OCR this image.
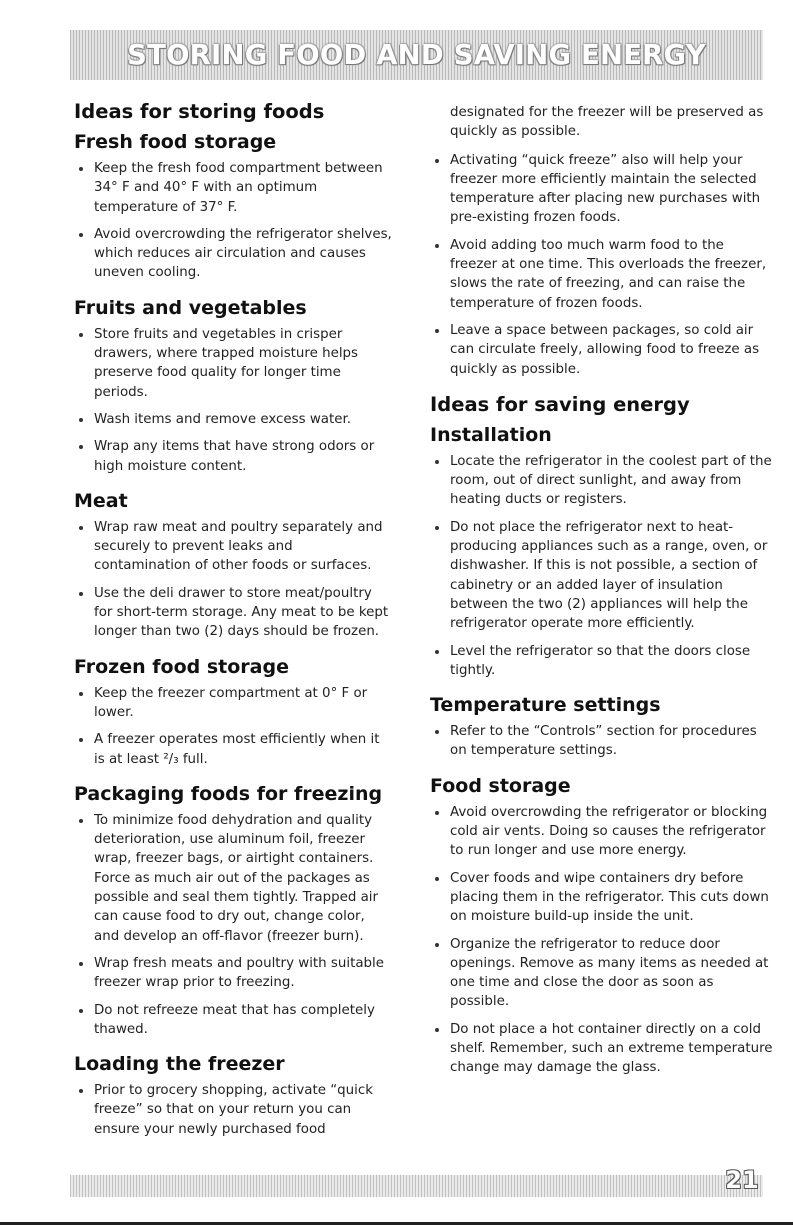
STORING FOOD AND SAVING ENERGY
Ideas for storing foods
Fresh food storage
Keep the fresh food compartment between 34° F and 40° F with an optimum temperature of 37° F.
Avoid overcrowding the refrigerator shelves, which reduces air circulation and causes uneven cooling.
Fruits and vegetables
Store fruits and vegetables in crisper drawers, where trapped moisture helps preserve food quality for longer time periods.
Wash items and remove excess water.
Wrap any items that have strong odors or high moisture content.
Meat
Wrap raw meat and poultry separately and securely to prevent leaks and contamination of other foods or surfaces.
Use the deli drawer to store meat/poultry for short-term storage. Any meat to be kept longer than two (2) days should be frozen.
Frozen food storage
Keep the freezer compartment at 0° F or lower.
A freezer operates most efficiently when it is at least ²/₃ full.
Packaging foods for freezing
To minimize food dehydration and quality deterioration, use aluminum foil, freezer wrap, freezer bags, or airtight containers. Force as much air out of the packages as possible and seal them tightly. Trapped air can cause food to dry out, change color, and develop an off-flavor (freezer burn).
Wrap fresh meats and poultry with suitable freezer wrap prior to freezing.
Do not refreeze meat that has completely thawed.
Loading the freezer
Prior to grocery shopping, activate “quick freeze” so that on your return you can ensure your newly purchased food

designated for the freezer will be preserved as quickly as possible.

Activating “quick freeze” also will help your freezer more efficiently maintain the selected temperature after placing new purchases with pre-existing frozen foods.
Avoid adding too much warm food to the freezer at one time. This overloads the freezer, slows the rate of freezing, and can raise the temperature of frozen foods.
Leave a space between packages, so cold air can circulate freely, allowing food to freeze as quickly as possible.
Ideas for saving energy
Installation
Locate the refrigerator in the coolest part of the room, out of direct sunlight, and away from heating ducts or registers.
Do not place the refrigerator next to heat-producing appliances such as a range, oven, or dishwasher. If this is not possible, a section of cabinetry or an added layer of insulation between the two (2) appliances will help the refrigerator operate more efficiently.
Level the refrigerator so that the doors close tightly.
Temperature settings
Refer to the “Controls” section for procedures on temperature settings.
Food storage
Avoid overcrowding the refrigerator or blocking cold air vents. Doing so causes the refrigerator to run longer and use more energy.
Cover foods and wipe containers dry before placing them in the refrigerator. This cuts down on moisture build-up inside the unit.
Organize the refrigerator to reduce door openings. Remove as many items as needed at one time and close the door as soon as possible.
Do not place a hot container directly on a cold shelf. Remember, such an extreme temperature change may damage the glass.
21
